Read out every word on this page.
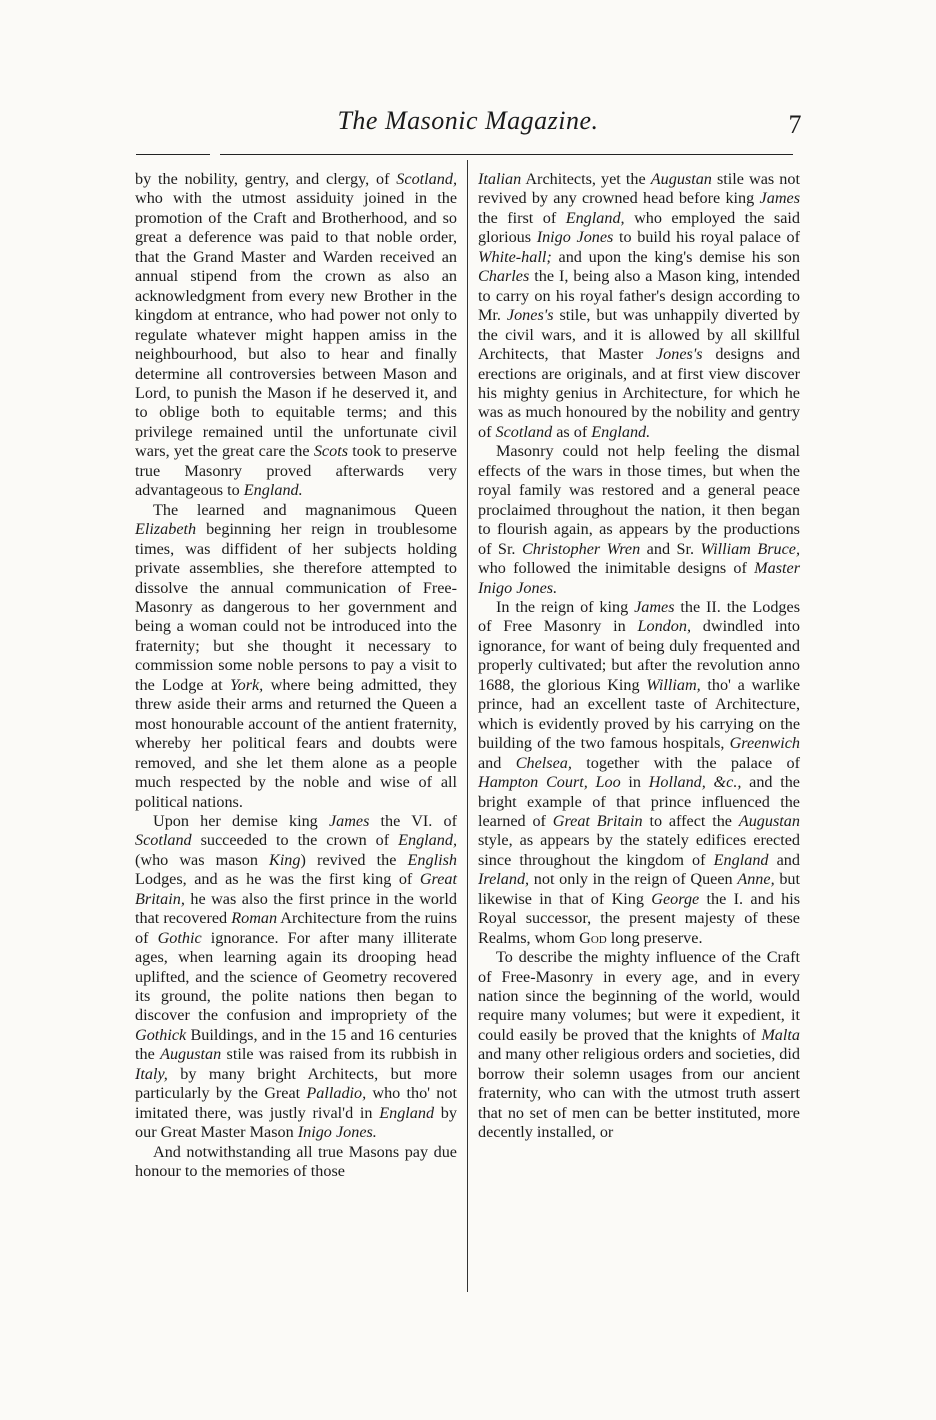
The Masonic Magazine.	7

by the nobility, gentry, and clergy, of Scotland, who with the utmost assiduity joined in the promotion of the Craft and Brotherhood, and so great a deference was paid to that noble order, that the Grand Master and Warden received an annual stipend from the crown as also an acknowledgment from every new Brother in the kingdom at entrance, who had power not only to regulate whatever might happen amiss in the neighbourhood, but also to hear and finally determine all controversies between Mason and Lord, to punish the Mason if he deserved it, and to oblige both to equitable terms; and this privilege remained until the unfortunate civil wars, yet the great care the Scots took to preserve true Masonry proved afterwards very advantageous to England.

The learned and magnanimous Queen Elizabeth beginning her reign in troublesome times, was diffident of her subjects holding private assemblies, she therefore attempted to dissolve the annual communication of Free-Masonry as dangerous to her government and being a woman could not be introduced into the fraternity; but she thought it necessary to commission some noble persons to pay a visit to the Lodge at York, where being admitted, they threw aside their arms and returned the Queen a most honourable account of the antient fraternity, whereby her political fears and doubts were removed, and she let them alone as a people much respected by the noble and wise of all political nations.

Upon her demise king James the VI. of Scotland succeeded to the crown of England, (who was mason King) revived the English Lodges, and as he was the first king of Great Britain, he was also the first prince in the world that recovered Roman Architecture from the ruins of Gothic ignorance. For after many illiterate ages, when learning again its drooping head uplifted, and the science of Geometry recovered its ground, the polite nations then began to discover the confusion and impropriety of the Gothick Buildings, and in the 15 and 16 centuries the Augustan stile was raised from its rubbish in Italy, by many bright Architects, but more particularly by the Great Palladio, who tho' not imitated there, was justly rival'd in England by our Great Master Mason Inigo Jones.

And notwithstanding all true Masons pay due honour to the memories of those

Italian Architects, yet the Augustan stile was not revived by any crowned head before king James the first of England, who employed the said glorious Inigo Jones to build his royal palace of White-hall; and upon the king's demise his son Charles the I, being also a Mason king, intended to carry on his royal father's design according to Mr. Jones's stile, but was unhappily diverted by the civil wars, and it is allowed by all skillful Architects, that Master Jones's designs and erections are originals, and at first view discover his mighty genius in Architecture, for which he was as much honoured by the nobility and gentry of Scotland as of England.

Masonry could not help feeling the dismal effects of the wars in those times, but when the royal family was restored and a general peace proclaimed throughout the nation, it then began to flourish again, as appears by the productions of Sr. Christopher Wren and Sr. William Bruce, who followed the inimitable designs of Master Inigo Jones.

In the reign of king James the II. the Lodges of Free Masonry in London, dwindled into ignorance, for want of being duly frequented and properly cultivated; but after the revolution anno 1688, the glorious King William, tho' a warlike prince, had an excellent taste of Architecture, which is evidently proved by his carrying on the building of the two famous hospitals, Greenwich and Chelsea, together with the palace of Hampton Court, Loo in Holland, &c., and the bright example of that prince influenced the learned of Great Britain to affect the Augustan style, as appears by the stately edifices erected since throughout the kingdom of England and Ireland, not only in the reign of Queen Anne, but likewise in that of King George the I. and his Royal successor, the present majesty of these Realms, whom God long preserve.

To describe the mighty influence of the Craft of Free-Masonry in every age, and in every nation since the beginning of the world, would require many volumes; but were it expedient, it could easily be proved that the knights of Malta and many other religious orders and societies, did borrow their solemn usages from our ancient fraternity, who can with the utmost truth assert that no set of men can be better instituted, more decently installed, or
